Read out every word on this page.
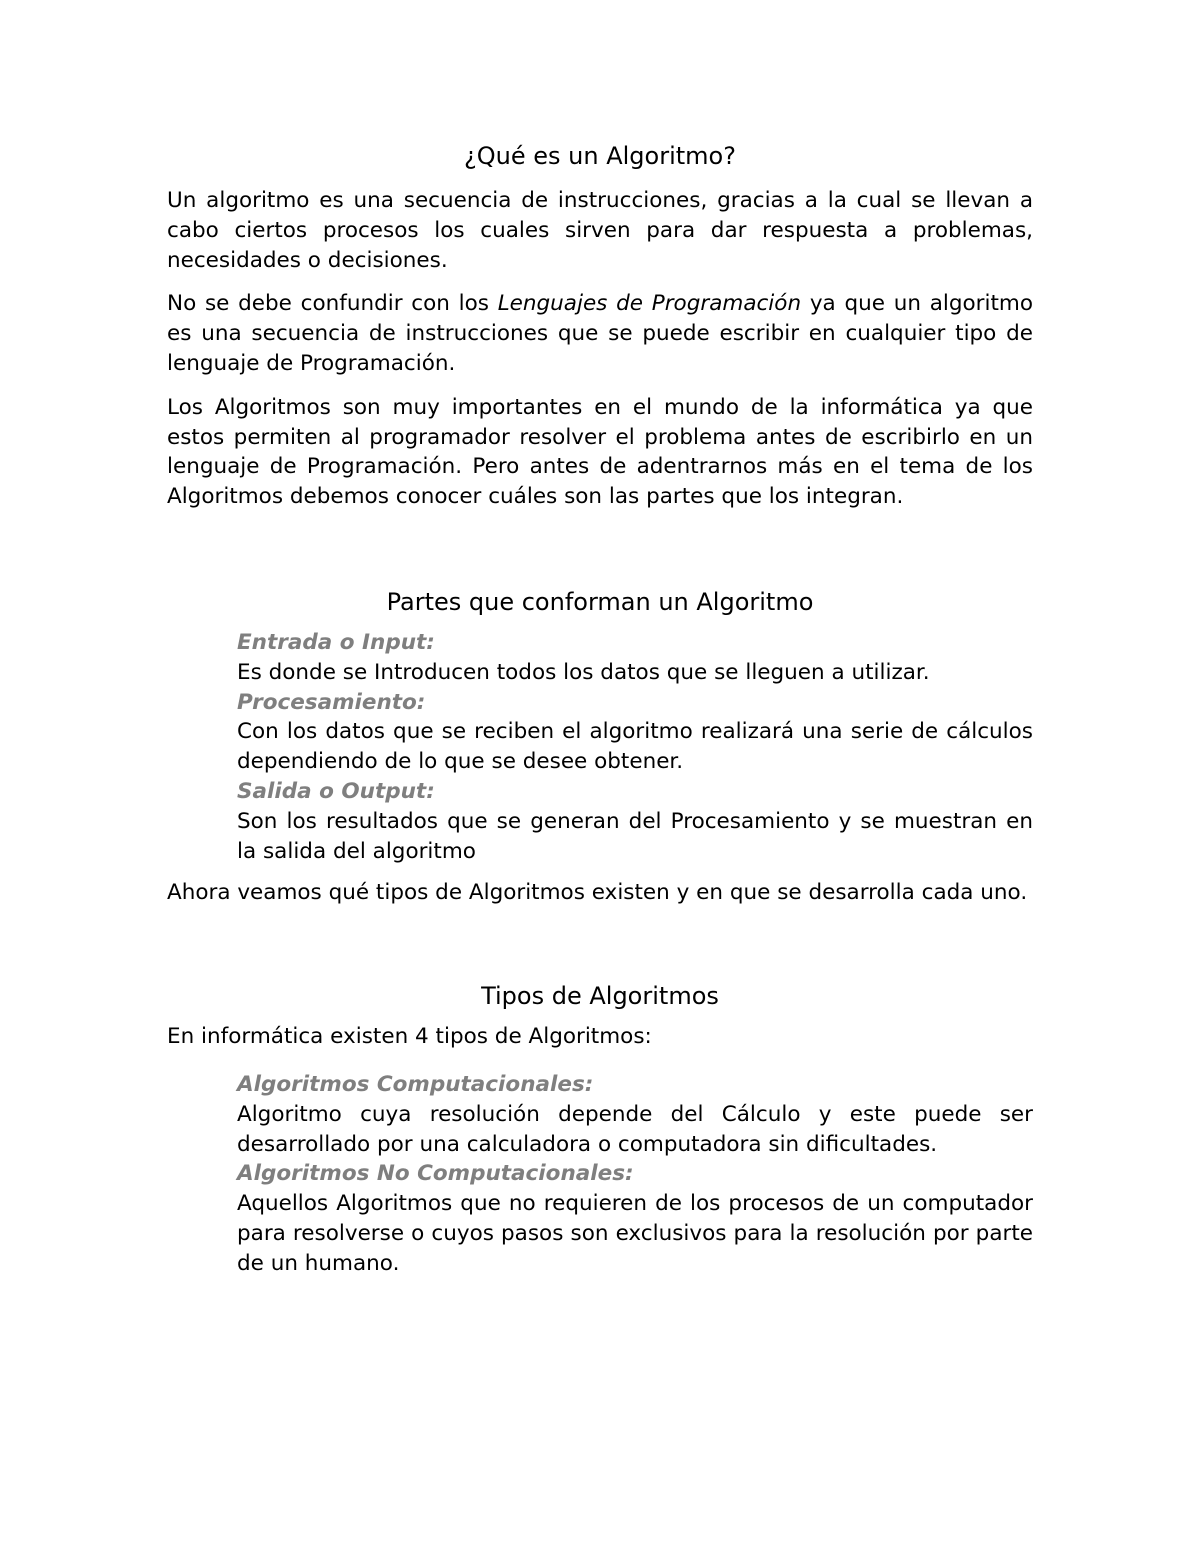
¿Qué es un Algoritmo?

Un algoritmo es una secuencia de instrucciones, gracias a la cual se llevan a cabo ciertos procesos los cuales sirven para dar respuesta a problemas, necesidades o decisiones.

No se debe confundir con los Lenguajes de Programación ya que un algoritmo es una secuencia de instrucciones que se puede escribir en cualquier tipo de lenguaje de Programación.

Los Algoritmos son muy importantes en el mundo de la informática ya que estos permiten al programador resolver el problema antes de escribirlo en un lenguaje de Programación. Pero antes de adentrarnos más en el tema de los Algoritmos debemos conocer cuáles son las partes que los integran.

Partes que conforman un Algoritmo
Entrada o Input:
Es donde se Introducen todos los datos que se lleguen a utilizar.
Procesamiento:
Con los datos que se reciben el algoritmo realizará una serie de cálculos dependiendo de lo que se desee obtener.
Salida o Output:
Son los resultados que se generan del Procesamiento y se muestran en la salida del algoritmo

Ahora veamos qué tipos de Algoritmos existen y en que se desarrolla cada uno.

Tipos de Algoritmos

En informática existen 4 tipos de Algoritmos:

Algoritmos Computacionales:
Algoritmo cuya resolución depende del Cálculo y este puede ser desarrollado por una calculadora o computadora sin dificultades.
Algoritmos No Computacionales:
Aquellos Algoritmos que no requieren de los procesos de un computador para resolverse o cuyos pasos son exclusivos para la resolución por parte de un humano.
